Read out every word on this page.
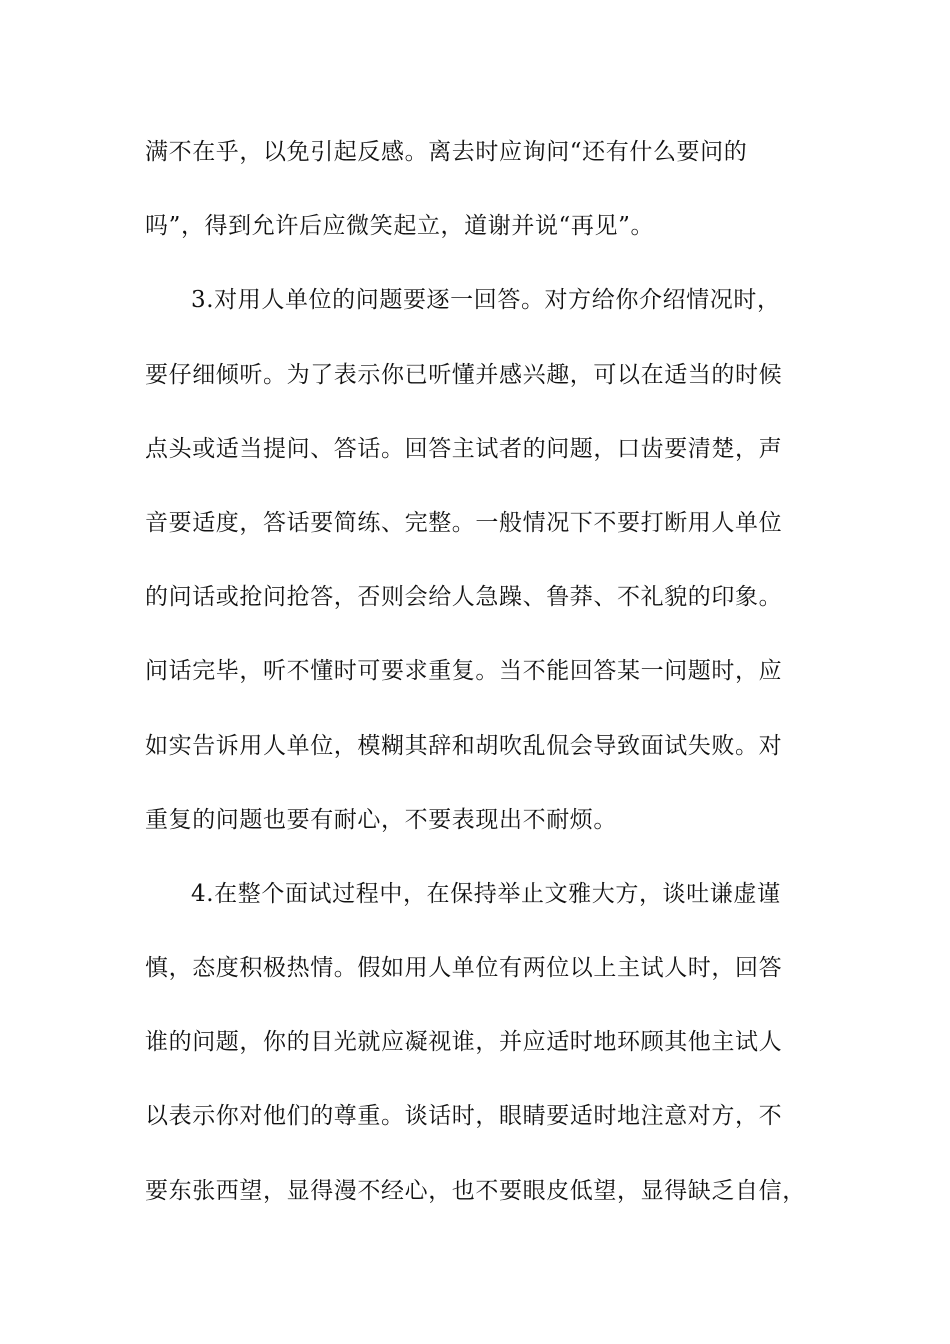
满不在乎，以免引起反感。离去时应询问“还有什么要问的
吗”，得到允许后应微笑起立，道谢并说“再见”。
3.对用人单位的问题要逐一回答。对方给你介绍情况时，
要仔细倾听。为了表示你已听懂并感兴趣，可以在适当的时候
点头或适当提问、答话。回答主试者的问题，口齿要清楚，声
音要适度，答话要简练、完整。一般情况下不要打断用人单位
的问话或抢问抢答，否则会给人急躁、鲁莽、不礼貌的印象。
问话完毕，听不懂时可要求重复。当不能回答某一问题时，应
如实告诉用人单位，模糊其辞和胡吹乱侃会导致面试失败。对
重复的问题也要有耐心，不要表现出不耐烦。
4.在整个面试过程中，在保持举止文雅大方，谈吐谦虚谨
慎，态度积极热情。假如用人单位有两位以上主试人时，回答
谁的问题，你的目光就应凝视谁，并应适时地环顾其他主试人
以表示你对他们的尊重。谈话时，眼睛要适时地注意对方，不
要东张西望，显得漫不经心，也不要眼皮低望，显得缺乏自信，
